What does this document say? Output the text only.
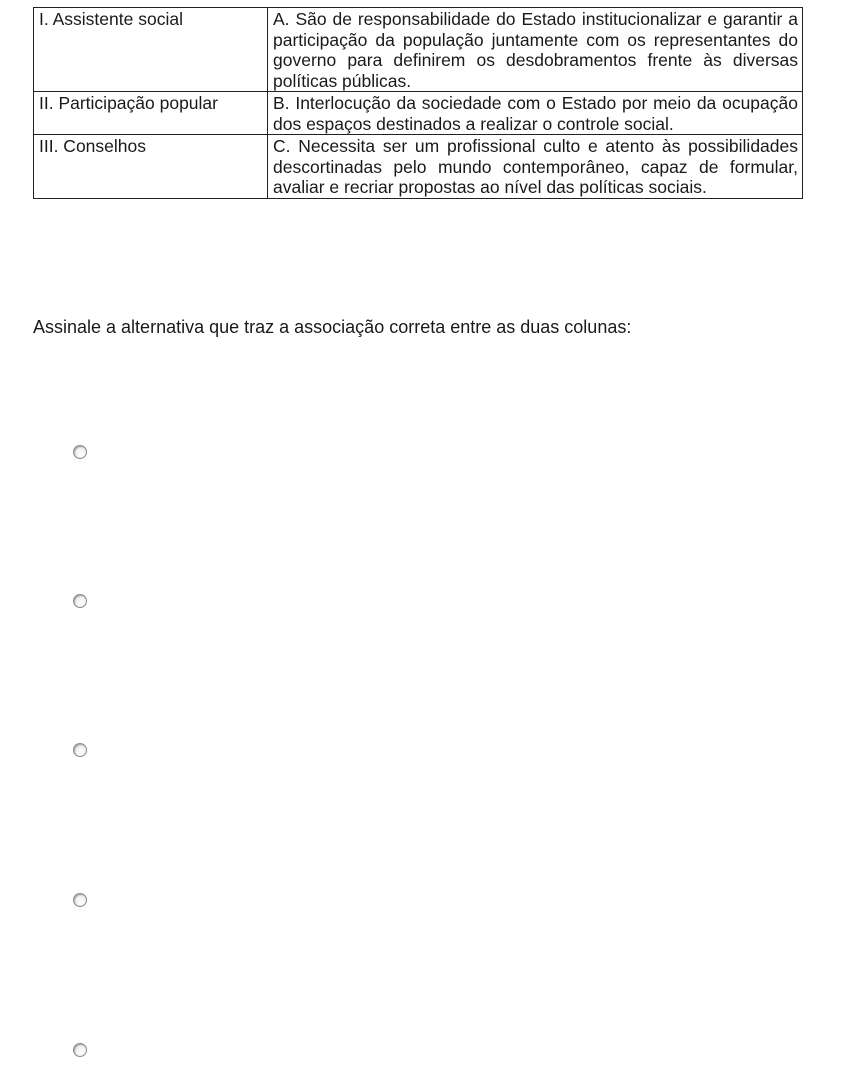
I. Assistente social	A. São de responsabilidade do Estado institucionalizar e garantir a participação da população juntamente com os representantes do governo para definirem os desdobramentos frente às diversas políticas públicas.
II. Participação popular	B. Interlocução da sociedade com o Estado por meio da ocupação dos espaços destinados a realizar o controle social.
III. Conselhos	C. Necessita ser um profissional culto e atento às possibilidades descortinadas pelo mundo contemporâneo, capaz de formular, avaliar e recriar propostas ao nível das políticas sociais.
Assinale a alternativa que traz a associação correta entre as duas colunas:
